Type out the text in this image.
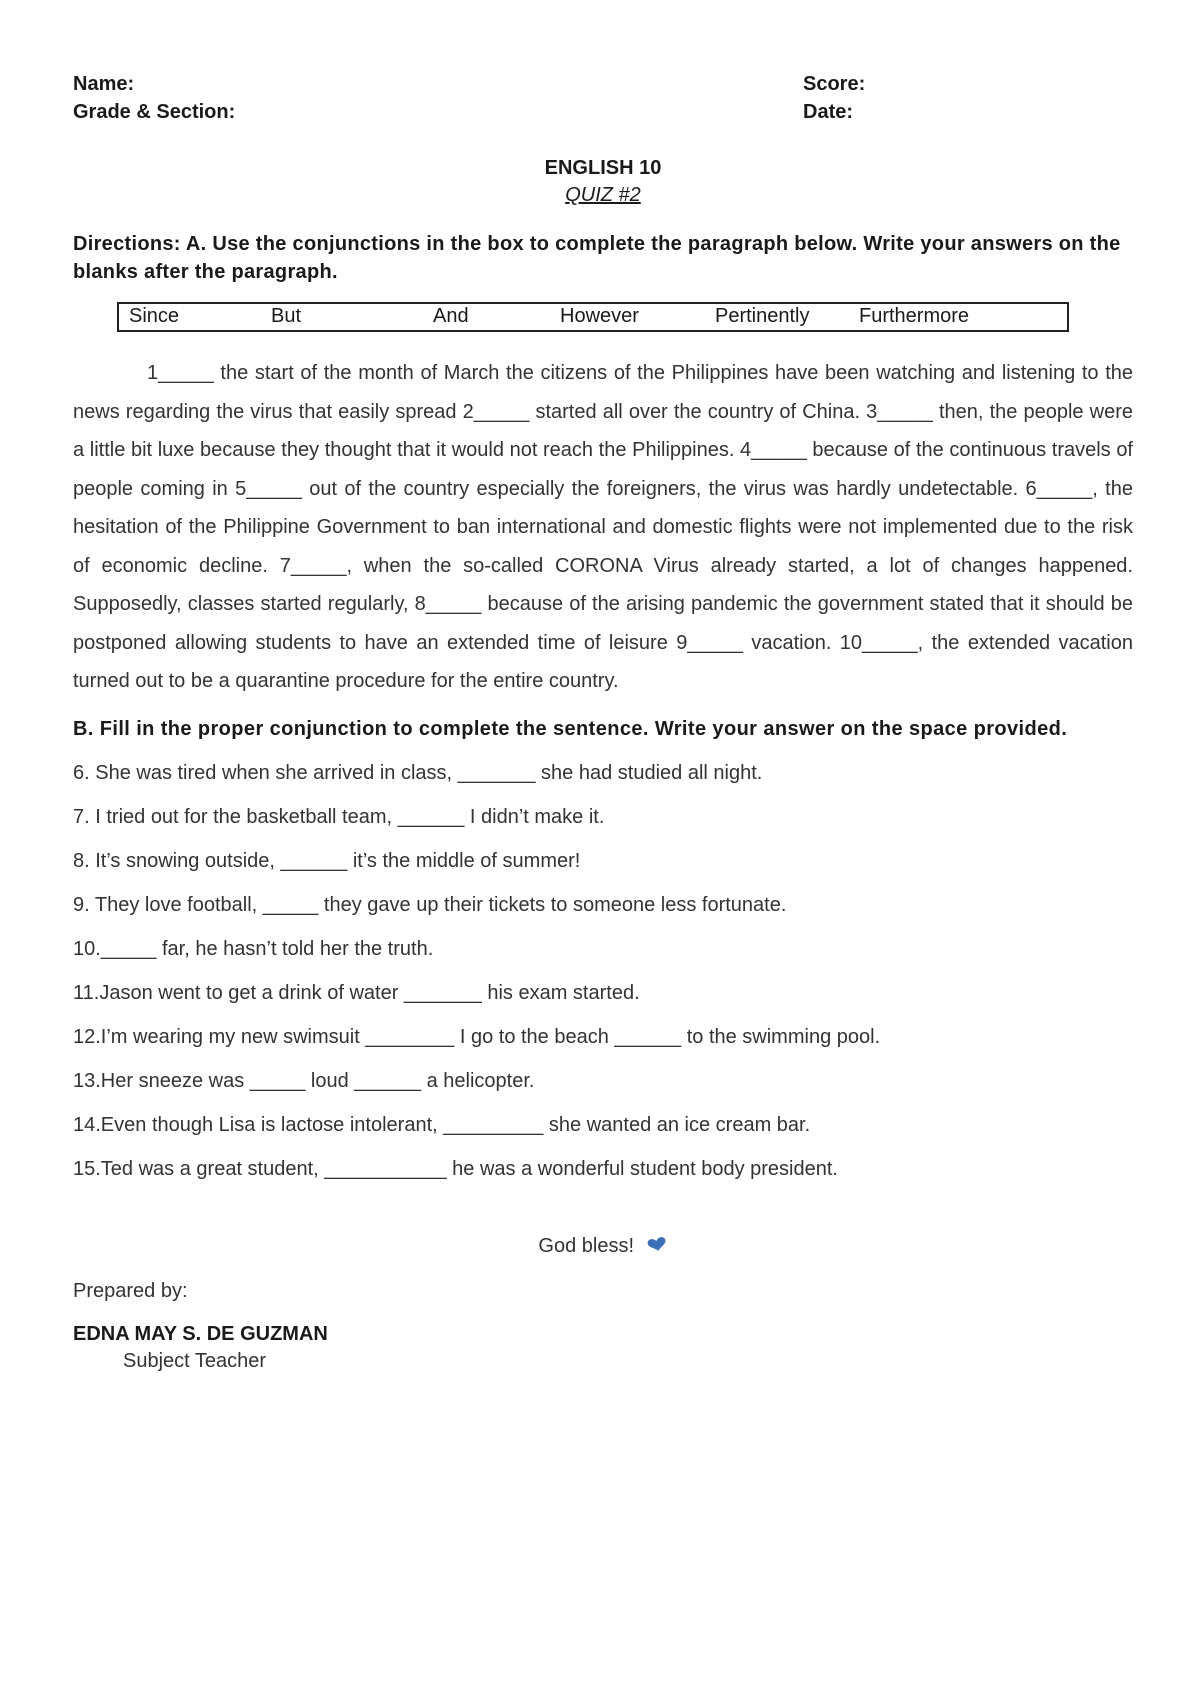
Name:	Score:
Grade & Section:	Date:
ENGLISH 10
QUIZ #2
Directions: A. Use the conjunctions in the box to complete the paragraph below. Write your answers on the blanks after the paragraph.
Since	But	And	However	Pertinently Furthermore
1_____ the start of the month of March the citizens of the Philippines have been watching and listening to the news regarding the virus that easily spread 2_____ started all over the country of China. 3_____ then, the people were a little bit luxe because they thought that it would not reach the Philippines. 4_____ because of the continuous travels of people coming in 5_____ out of the country especially the foreigners, the virus was hardly undetectable. 6_____, the hesitation of the Philippine Government to ban international and domestic flights were not implemented due to the risk of economic decline. 7_____, when the so-called CORONA Virus already started, a lot of changes happened. Supposedly, classes started regularly, 8_____ because of the arising pandemic the government stated that it should be postponed allowing students to have an extended time of leisure 9_____ vacation. 10_____, the extended vacation turned out to be a quarantine procedure for the entire country.
B. Fill in the proper conjunction to complete the sentence. Write your answer on the space provided.
6. She was tired when she arrived in class, _______ she had studied all night.
7. I tried out for the basketball team, ______ I didn’t make it.
8. It’s snowing outside, ______ it’s the middle of summer!
9. They love football, _____ they gave up their tickets to someone less fortunate.
10._____ far, he hasn’t told her the truth.
11.Jason went to get a drink of water _______ his exam started.
12.I’m wearing my new swimsuit ________ I go to the beach ______ to the swimming pool.
13.Her sneeze was _____ loud ______ a helicopter.
14.Even though Lisa is lactose intolerant, _________ she wanted an ice cream bar.
15.Ted was a great student, ___________ he was a wonderful student body president.
God bless!
Prepared by:
EDNA MAY S. DE GUZMAN
Subject Teacher
